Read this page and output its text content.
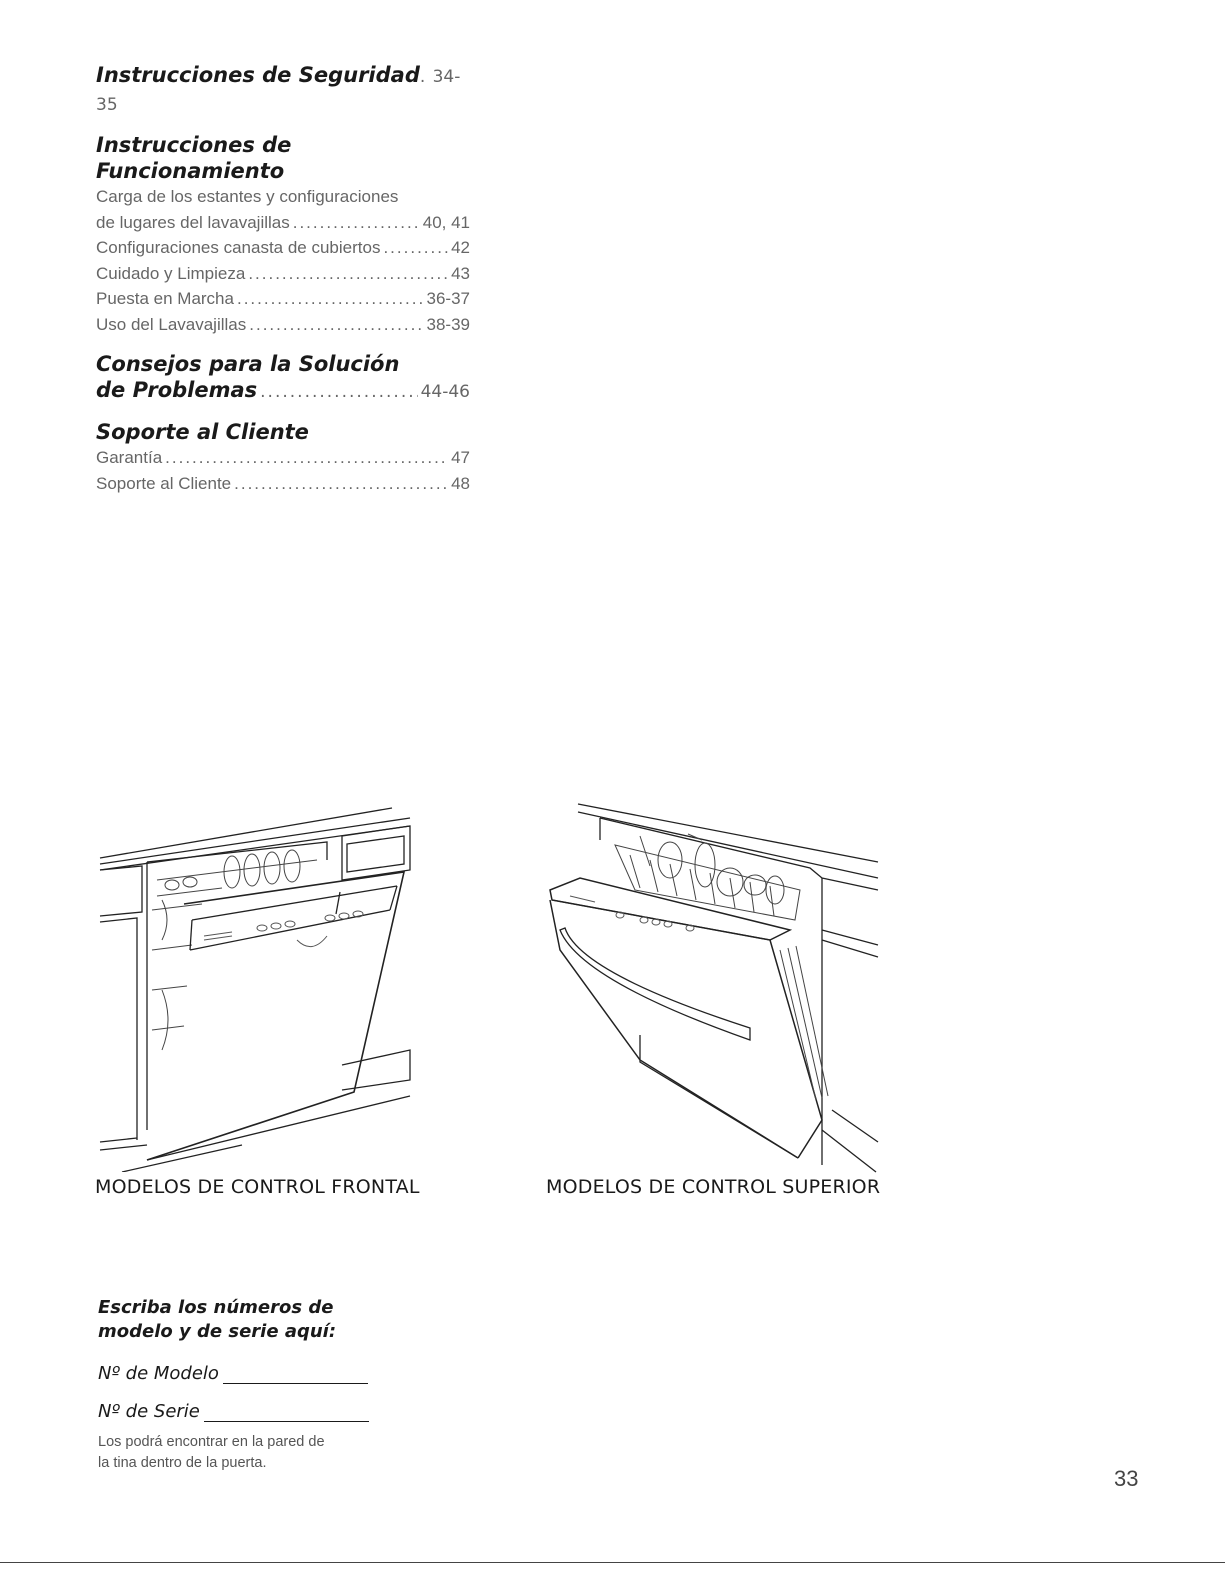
Instrucciones de Seguridad. 34-35
Instrucciones de Funcionamiento
Carga de los estantes y configuraciones
de lugares del lavavajillas .....	40, 41
Configuraciones canasta de cubiertos .....	42
Cuidado y Limpieza .....	43
Puesta en Marcha .....	36-37
Uso del Lavavajillas .....	38-39
Consejos para la Solución
de Problemas .....	44-46
Soporte al Cliente
Garantía .....	47
Soporte al Cliente .....	48
MODELOS DE CONTROL FRONTAL	MODELOS DE CONTROL SUPERIOR
Escriba los números de
modelo y de serie aquí:
Nº de Modelo
Nº de Serie
Los podrá encontrar en la pared de
la tina dentro de la puerta.
33
